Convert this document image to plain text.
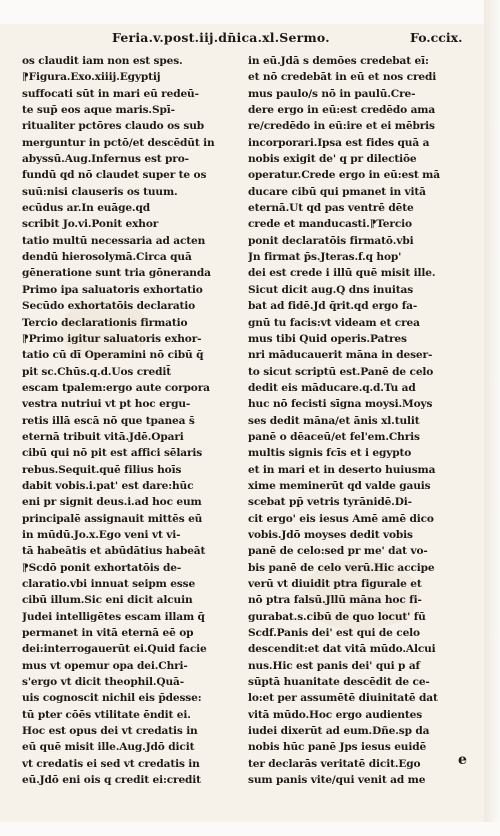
Feria.v.post.iij.dn̄ica.xl.Sermo.	Fo.ccix.
os claudit iam non est spes.
⁋Figura.Exo.xiiij.Egyptij
suffocati sūt in mari eū redeū-
te sup̄ eos aque maris.Spī-
ritualiter pctōres claudo os sub
merguntur in pctō/et descēdūt in
abyssū.Aug.Infernus est pro-
fundū qd nō claudet super te os
suū:nisi clauseris os tuum.
ecūdus ar.In euāge.qd
scribit Jo.vi.Ponit exhor
tatio multū necessaria ad acten
dendū hierosolymā.Circa quā
gēneratione sunt tria gōneranda
Primo ipa saluatoris exhortatio
Secūdo exhortatōis declaratio
Tercio declarationis firmatio
⁋Primo igitur saluatoris exhor-
tatio cū dī Operamini nō cibū q̄
pit sc.Chūs.q.d.Uos credit̄
escam tpalem:ergo aute corpora
vestra nutriui vt pt hoc ergu-
retis illā escā nō que tpanea s̄
eternā tribuit vitā.Jdē.Opari
cibū qui nō pit est affici sēlaris
rebus.Sequit.quē filius hoīs
dabit vobis.i.pat' est dare:hūc
eni pr signit deus.i.ad hoc eum
principalē assignauit mittēs eū
in mūdū.Jo.x.Ego veni vt vi-
tā habeātis et abūdātius habeāt
⁋Scdō ponit exhortatōis de-
claratio.vbi innuat seipm esse
cibū illum.Sic eni dicit alcuin
Judei intelligētes escam illam q̄
permanet in vitā eternā eē op
dei:interrogauerūt ei.Quid facie
mus vt opemur opa dei.Chri-
s'ergo vt dicit theophil.Quā-
uis cognoscit nichil eis p̄desse:
tū pter cōēs vtilitate ēndit ei.
Hoc est opus dei vt credatis in
eū quē misit ille.Aug.Jdō dicit
vt credatis ei sed vt credatis in
eū.Jdō eni ois q credit ei:credit
in eū.Jdā s demōes credebat eī:
et nō credebāt in eū et nos credi
mus paulo/s nō in paulū.Cre-
dere ergo in eū:est credēdo ama
re/credēdo in eū:ire et ei mēbris
incorporari.Ipsa est fides quā a
nobis exigit de' q pr dilectiōe
operatur.Crede ergo in eū:est mā
ducare cibū qui pmanet in vitā
eternā.Ut qd pas ventrē dēte
crede et manducasti.⁋Tercio
ponit declaratōis firmatō.vbi
Jn firmat p̄s.Jteras.f.q hop'
dei est crede i illū quē misit ille.
Sicut dicit aug.Q dns inuitas
bat ad fidē.Jd q̄rit.qd ergo fa-
gnū tu facis:vt videam et crea
mus tibi Quid operis.Patres
nri māducauerit māna in deser-
to sicut scriptū est.Panē de celo
dedit eis māducare.q.d.Tu ad
huc nō fecisti sīgna moysi.Moys
ses dedit māna/et ānis xl.tulit
panē o dēaceū/et fel'em.Chris
multis signis fcīs et i egypto
et in mari et in deserto huiusma
xime meminerūt qd valde gauis
scebat pp̄ vetris tyrānidē.Di-
cit ergo' eis iesus Amē amē dico
vobis.Jdō moyses dedit vobis
panē de celo:sed pr me' dat vo-
bis panē de celo verū.Hic accipe
verū vt diuidit ptra figurale et
nō ptra falsū.Jllū māna hoc fi-
gurabat.s.cibū de quo locut' fū
Scdf.Panis dei' est qui de celo
descendit:et dat vitā mūdo.Alcui
nus.Hic est panis dei' qui p af
sūptā huanitate descēdit de ce-
lo:et per assumētē diuinitatē dat
vitā mūdo.Hoc ergo audientes
iudei dixerūt ad eum.Dñe.sp da
nobis hūc panē Jps iesus euidē
ter declarās veritatē dicit.Ego
sum panis vite/qui venit ad me
e
